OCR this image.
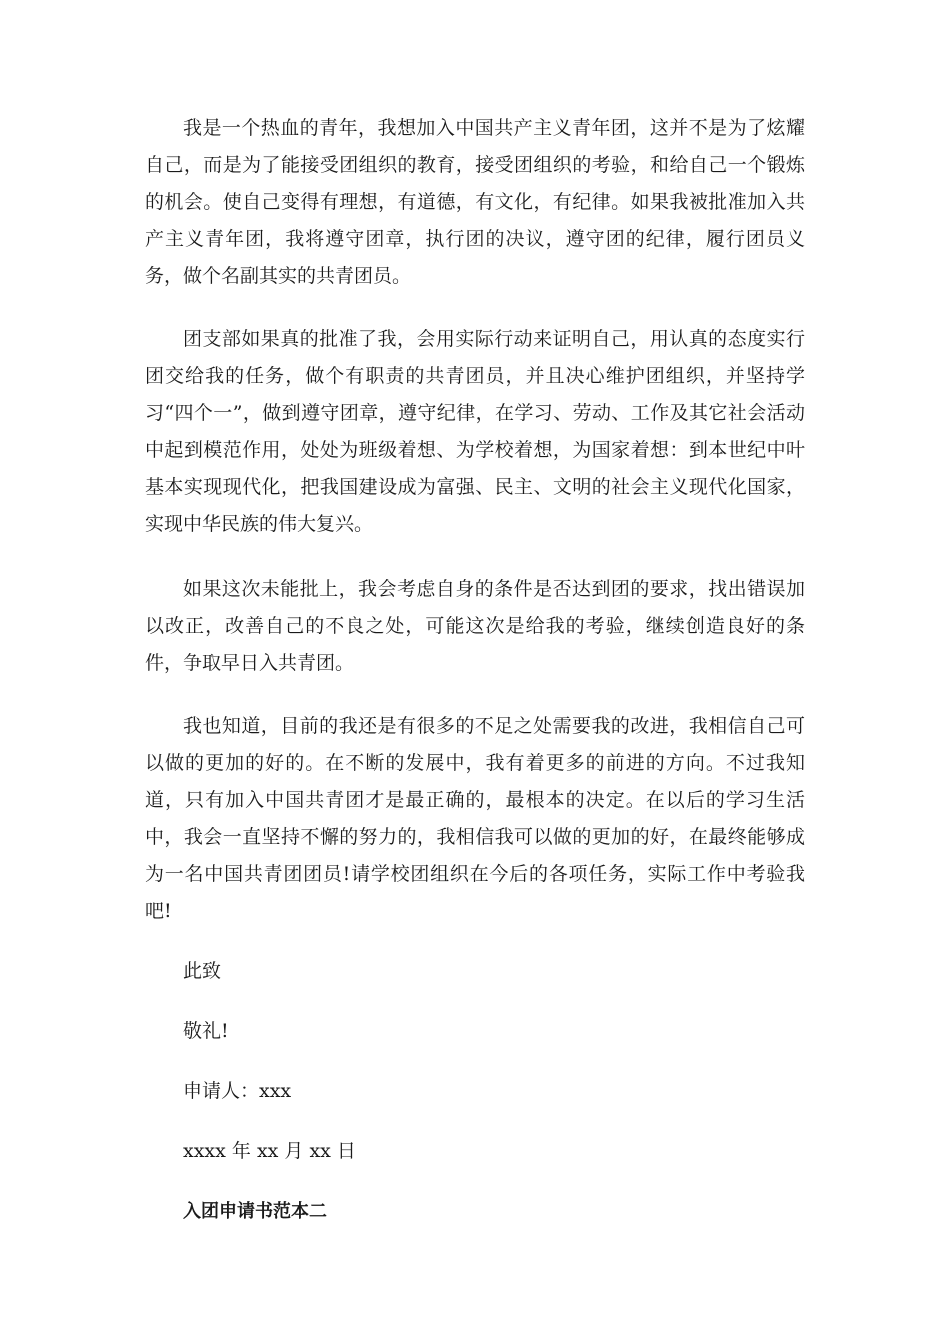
我是一个热血的青年，我想加入中国共产主义青年团，这并不是为了炫耀自己，而是为了能接受团组织的教育，接受团组织的考验，和给自己一个锻炼的机会。使自己变得有理想，有道德，有文化，有纪律。如果我被批准加入共产主义青年团，我将遵守团章，执行团的决议，遵守团的纪律，履行团员义务，做个名副其实的共青团员。

团支部如果真的批准了我，会用实际行动来证明自己，用认真的态度实行团交给我的任务，做个有职责的共青团员，并且决心维护团组织，并坚持学习“四个一”，做到遵守团章，遵守纪律，在学习、劳动、工作及其它社会活动中起到模范作用，处处为班级着想、为学校着想，为国家着想：到本世纪中叶基本实现现代化，把我国建设成为富强、民主、文明的社会主义现代化国家，实现中华民族的伟大复兴。

如果这次未能批上，我会考虑自身的条件是否达到团的要求，找出错误加以改正，改善自己的不良之处，可能这次是给我的考验，继续创造良好的条件，争取早日入共青团。

我也知道，目前的我还是有很多的不足之处需要我的改进，我相信自己可以做的更加的好的。在不断的发展中，我有着更多的前进的方向。不过我知道，只有加入中国共青团才是最正确的，最根本的决定。在以后的学习生活中，我会一直坚持不懈的努力的，我相信我可以做的更加的好，在最终能够成为一名中国共青团团员!请学校团组织在今后的各项任务，实际工作中考验我吧!

此致

敬礼!

申请人：xxx

xxxx 年 xx 月 xx 日

入团申请书范本二
